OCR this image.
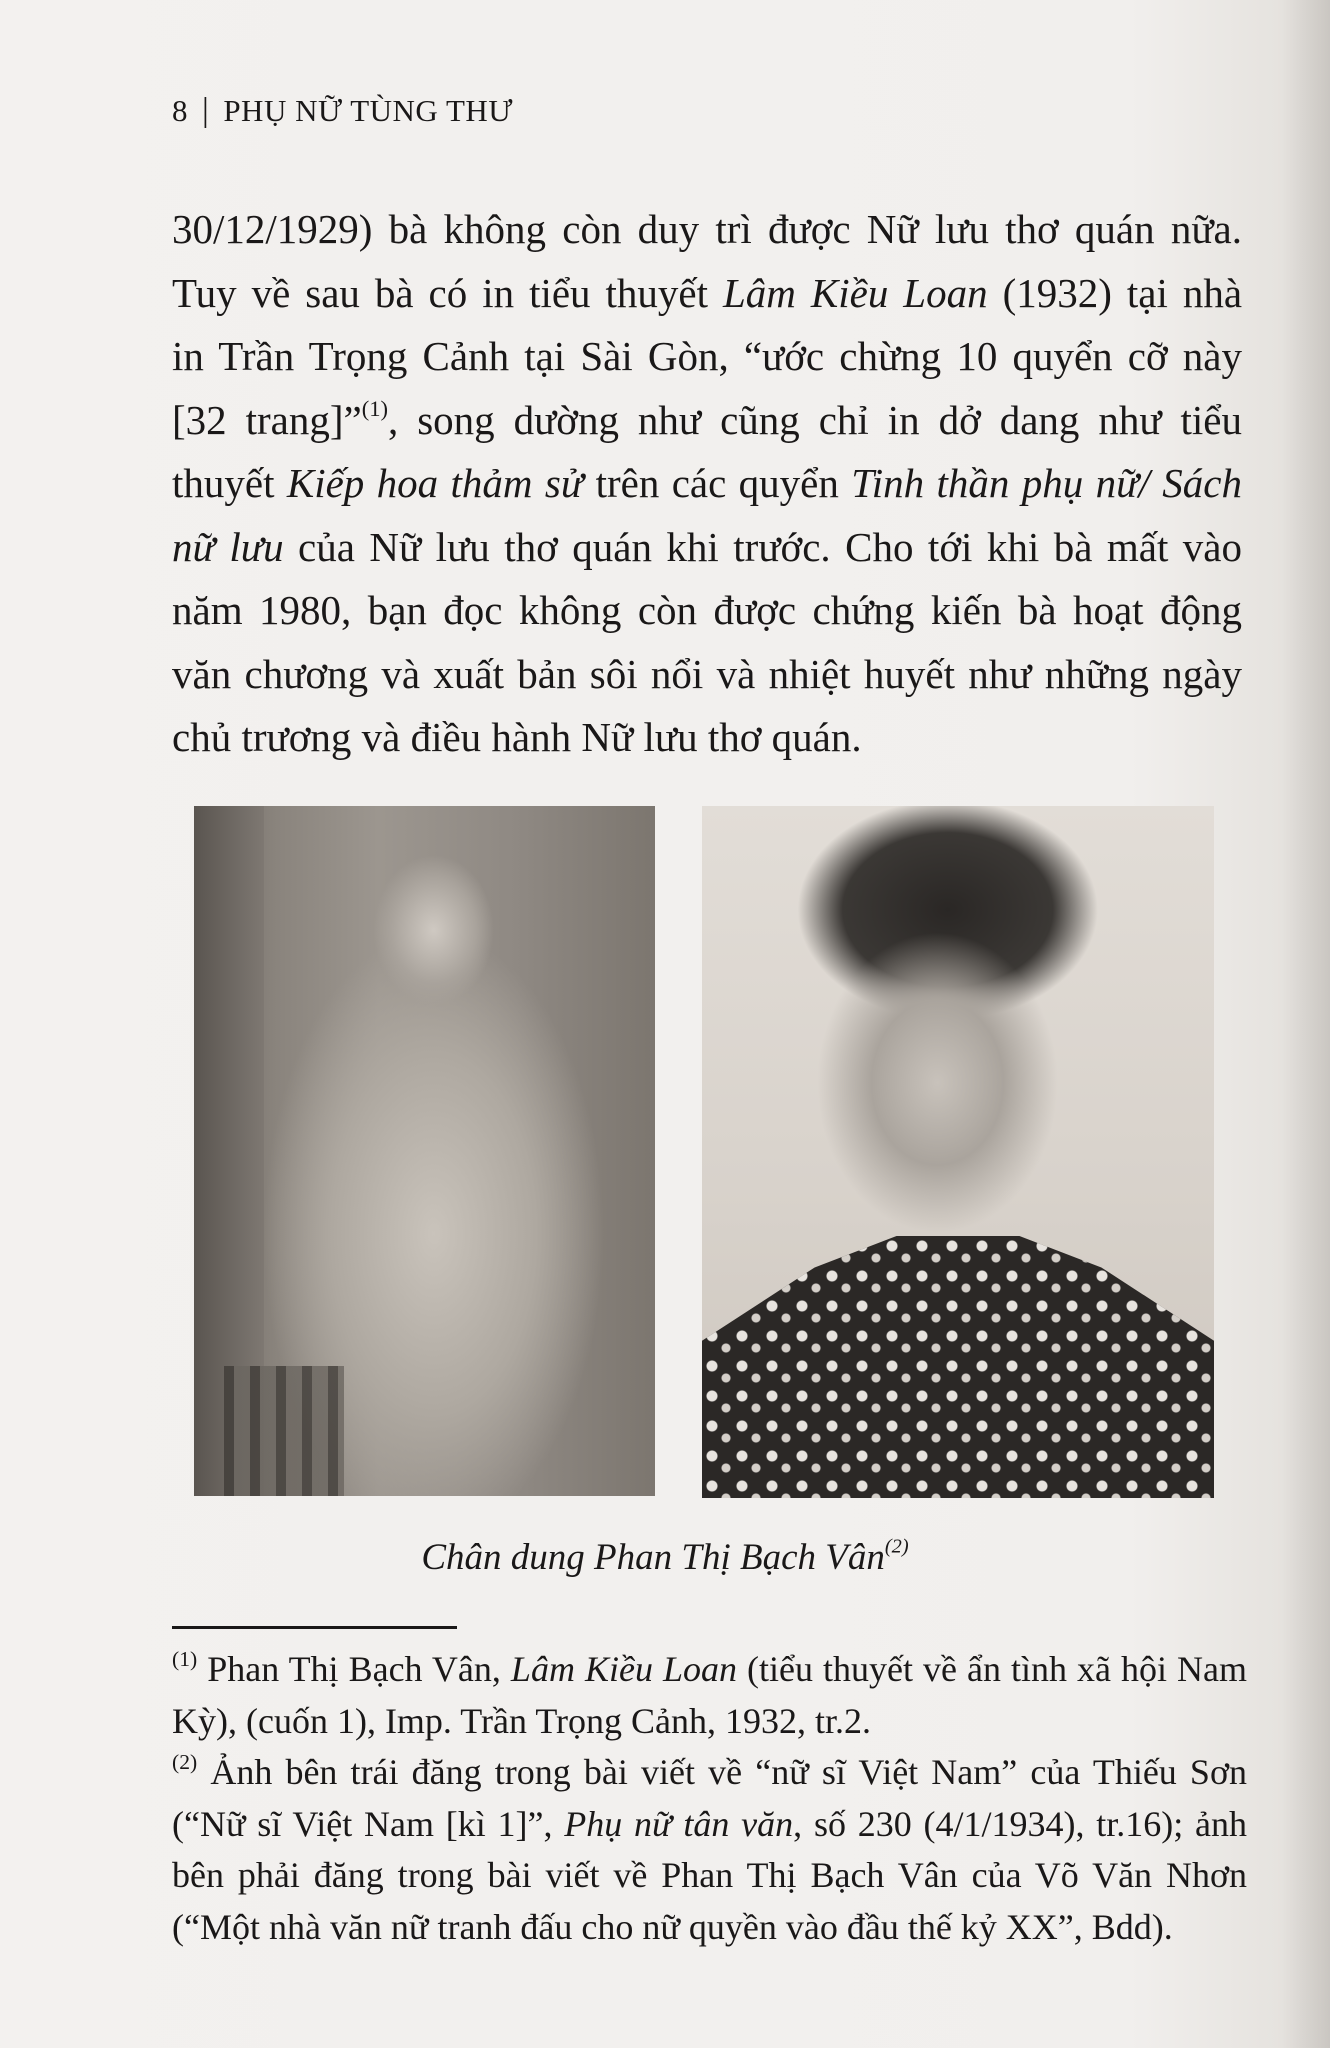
8 | PHỤ NỮ TÙNG THƯ
30/12/1929) bà không còn duy trì được Nữ lưu thơ quán nữa.
Tuy về sau bà có in tiểu thuyết Lâm Kiều Loan (1932) tại nhà
in Trần Trọng Cảnh tại Sài Gòn, “ước chừng 10 quyển cỡ này
[32 trang]”$^{(1)}$, song dường như cũng chỉ in dở dang như tiểu
thuyết Kiếp hoa thảm sử trên các quyển Tinh thần phụ nữ/ Sách
nữ lưu của Nữ lưu thơ quán khi trước. Cho tới khi bà mất vào
năm 1980, bạn đọc không còn được chứng kiến bà hoạt động
văn chương và xuất bản sôi nổi và nhiệt huyết như những ngày
chủ trương và điều hành Nữ lưu thơ quán.
Chân dung Phan Thị Bạch Vân$^{(2)}$
$^{(1)}$ Phan Thị Bạch Vân, Lâm Kiều Loan (tiểu thuyết về ẩn tình xã hội Nam
Kỳ), (cuốn 1), Imp. Trần Trọng Cảnh, 1932, tr.2.
$^{(2)}$ Ảnh bên trái đăng trong bài viết về “nữ sĩ Việt Nam” của Thiếu Sơn
(“Nữ sĩ Việt Nam [kì 1]”, Phụ nữ tân văn, số 230 (4/1/1934), tr.16); ảnh
bên phải đăng trong bài viết về Phan Thị Bạch Vân của Võ Văn Nhơn
(“Một nhà văn nữ tranh đấu cho nữ quyền vào đầu thế kỷ XX”, Bdd).
